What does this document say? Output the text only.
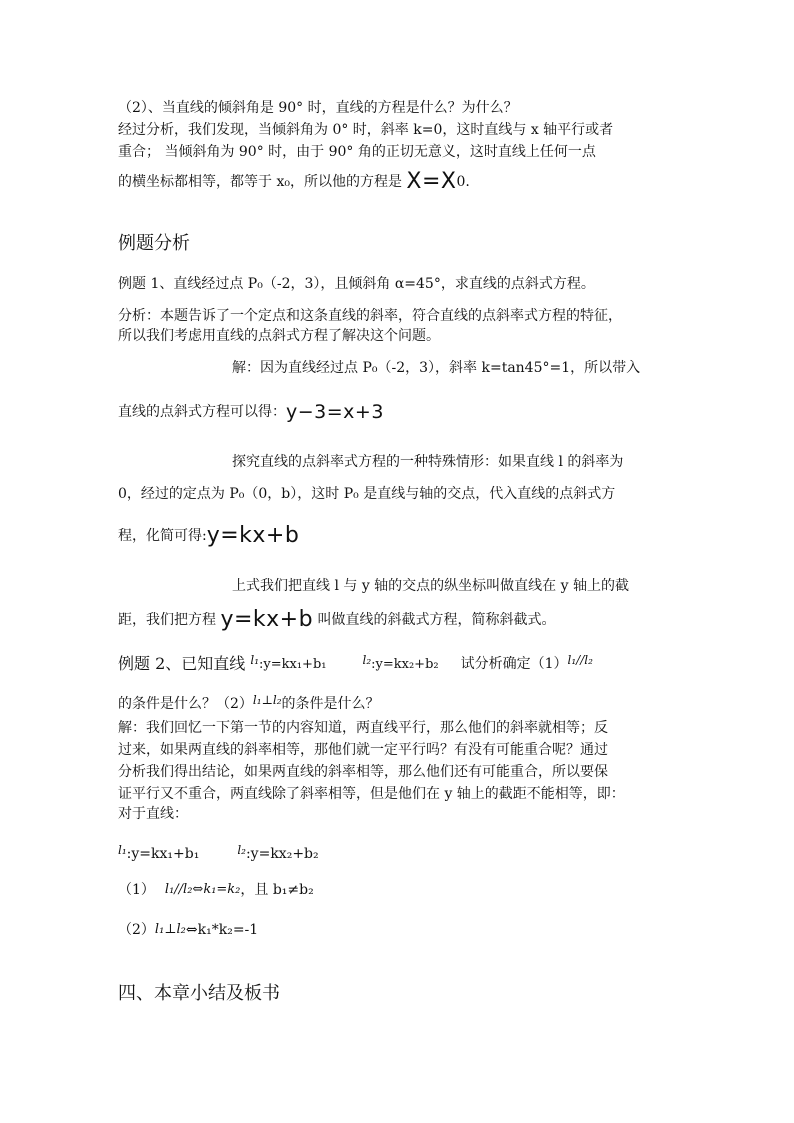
（2）、当直线的倾斜角是 90° 时，直线的方程是什么？为什么？
经过分析，我们发现，当倾斜角为 0° 时，斜率 k=0，这时直线与 x 轴平行或者
重合； 当倾斜角为 90° 时，由于 90° 角的正切无意义，这时直线上任何一点
的横坐标都相等，都等于 x₀，所以他的方程是 X=X0.
例题分析
例题 1、直线经过点 P₀（-2，3），且倾斜角 α=45°，求直线的点斜式方程。
分析：本题告诉了一个定点和这条直线的斜率，符合直线的点斜率式方程的特征，
所以我们考虑用直线的点斜式方程了解决这个问题。
解：因为直线经过点 P₀（-2，3），斜率 k=tan45°=1，所以带入
直线的点斜式方程可以得：y−3=x+3
探究直线的点斜率式方程的一种特殊情形：如果直线 l 的斜率为
0，经过的定点为 P₀（0，b），这时 P₀ 是直线与轴的交点，代入直线的点斜式方
程，化简可得:y=kx+b
上式我们把直线 l 与 y 轴的交点的纵坐标叫做直线在 y 轴上的截
距，我们把方程 y=kx+b 叫做直线的斜截式方程，简称斜截式。
例题 2、已知直线 l₁:y=kx₁+b₁	l₂:y=kx₂+b₂ 试分析确定（1）l₁//l₂
的条件是什么？（2）l₁⊥l₂的条件是什么？
解：我们回忆一下第一节的内容知道，两直线平行，那么他们的斜率就相等；反
过来，如果两直线的斜率相等，那他们就一定平行吗？有没有可能重合呢？通过
分析我们得出结论，如果两直线的斜率相等，那么他们还有可能重合，所以要保
证平行又不重合，两直线除了斜率相等，但是他们在 y 轴上的截距不能相等，即：
对于直线：
l₁:y=kx₁+b₁	l₂:y=kx₂+b₂
（1） l₁//l₂⇔k₁=k₂，且 b₁≠b₂
（2）l₁⊥l₂⇔k₁*k₂=-1
四、本章小结及板书
